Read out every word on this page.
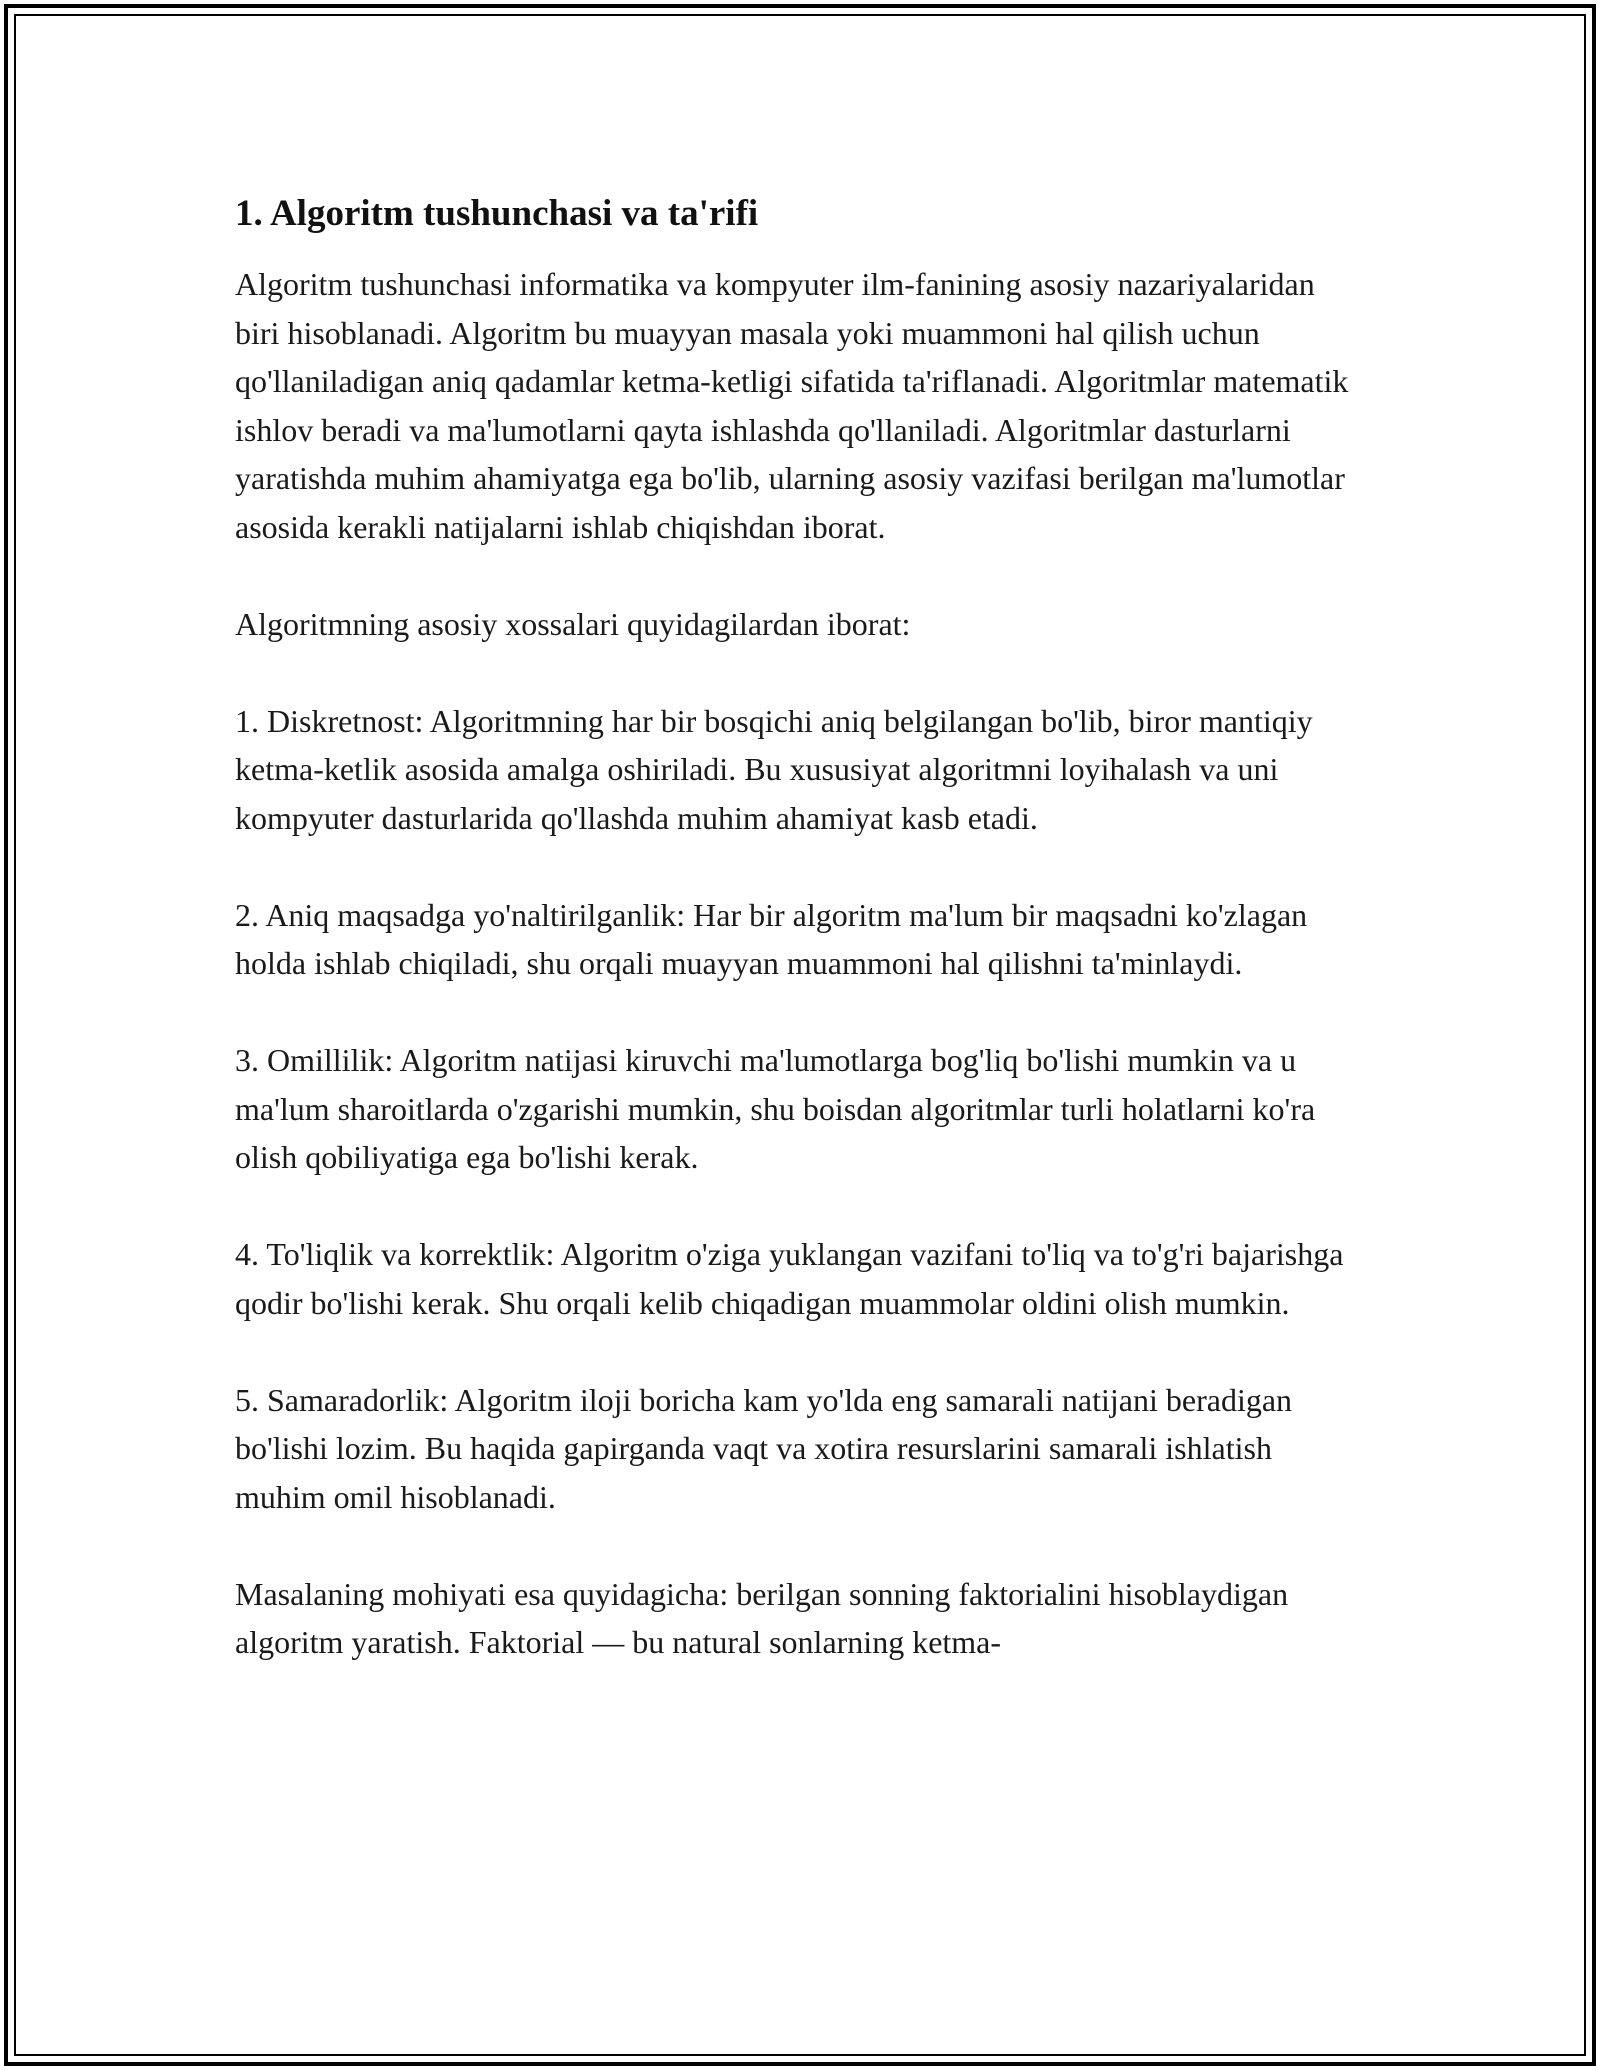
1. Algoritm tushunchasi va ta'rifi

Algoritm tushunchasi informatika va kompyuter ilm-fanining asosiy nazariyalaridan biri hisoblanadi. Algoritm bu muayyan masala yoki muammoni hal qilish uchun qo'llaniladigan aniq qadamlar ketma-ketligi sifatida ta'riflanadi. Algoritmlar matematik ishlov beradi va ma'lumotlarni qayta ishlashda qo'llaniladi. Algoritmlar dasturlarni yaratishda muhim ahamiyatga ega bo'lib, ularning asosiy vazifasi berilgan ma'lumotlar asosida kerakli natijalarni ishlab chiqishdan iborat.

Algoritmning asosiy xossalari quyidagilardan iborat:

1. Diskretnost: Algoritmning har bir bosqichi aniq belgilangan bo'lib, biror mantiqiy ketma-ketlik asosida amalga oshiriladi. Bu xususiyat algoritmni loyihalash va uni kompyuter dasturlarida qo'llashda muhim ahamiyat kasb etadi.

2. Aniq maqsadga yo'naltirilganlik: Har bir algoritm ma'lum bir maqsadni ko'zlagan holda ishlab chiqiladi, shu orqali muayyan muammoni hal qilishni ta'minlaydi.

3. Omillilik: Algoritm natijasi kiruvchi ma'lumotlarga bog'liq bo'lishi mumkin va u ma'lum sharoitlarda o'zgarishi mumkin, shu boisdan algoritmlar turli holatlarni ko'ra olish qobiliyatiga ega bo'lishi kerak.

4. To'liqlik va korrektlik: Algoritm o'ziga yuklangan vazifani to'liq va to'g'ri bajarishga qodir bo'lishi kerak. Shu orqali kelib chiqadigan muammolar oldini olish mumkin.

5. Samaradorlik: Algoritm iloji boricha kam yo'lda eng samarali natijani beradigan bo'lishi lozim. Bu haqida gapirganda vaqt va xotira resurslarini samarali ishlatish muhim omil hisoblanadi.

Masalaning mohiyati esa quyidagicha: berilgan sonning faktorialini hisoblaydigan algoritm yaratish. Faktorial — bu natural sonlarning ketma-
